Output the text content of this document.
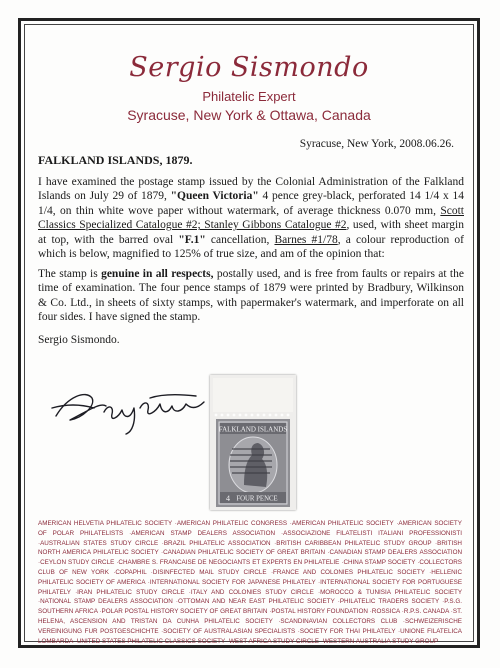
Sergio Sismondo
Philatelic Expert
Syracuse, New York & Ottawa, Canada
Syracuse, New York, 2008.06.26.
FALKLAND ISLANDS, 1879.
I have examined the postage stamp issued by the Colonial Administration of the Falkland Islands on July 29 of 1879, "Queen Victoria" 4 pence grey-black, perforated 14 1/4 x 14 1/4, on thin white wove paper without watermark, of average thickness 0.070 mm, Scott Classics Specialized Catalogue #2; Stanley Gibbons Catalogue #2, used, with sheet margin at top, with the barred oval "F.1" cancellation, Barnes #1/78, a colour reproduction of which is below, magnified to 125% of true size, and am of the opinion that:
The stamp is genuine in all respects, postally used, and is free from faults or repairs at the time of examination. The four pence stamps of 1879 were printed by Bradbury, Wilkinson & Co. Ltd., in sheets of sixty stamps, with papermaker's watermark, and imperforate on all four sides. I have signed the stamp.
Sergio Sismondo.
FALKLAND ISLANDS
4 FOUR PENCE
AMERICAN HELVETIA PHILATELIC SOCIETY · AMERICAN PHILATELIC CONGRESS · AMERICAN PHILATELIC SOCIETY · AMERICAN SOCIETY OF POLAR PHILATELISTS · AMERICAN STAMP DEALERS ASSOCIATION · ASSOCIAZIONE FILATELISTI ITALIANI PROFESSIONISTI ·AUSTRALIAN STATES STUDY CIRCLE · BRAZIL PHILATELIC ASSOCIATION · BRITISH CARIBBEAN PHILATELIC STUDY GROUP · BRITISH NORTH AMERICA PHILATELIC SOCIETY · CANADIAN PHILATELIC SOCIETY OF GREAT BRITAIN · CANADIAN STAMP DEALERS ASSOCIATION ·CEYLON STUDY CIRCLE · CHAMBRE S. FRANCAISE DE NEGOCIANTS ET EXPERTS EN PHILATELIE · CHINA STAMP SOCIETY · COLLECTORS CLUB OF NEW YORK · COPAPHIL · DISINFECTED MAIL STUDY CIRCLE · FRANCE AND COLONIES PHILATELIC SOCIETY · HELLENIC PHILATELIC SOCIETY OF AMERICA · INTERNATIONAL SOCIETY FOR JAPANESE PHILATELY · INTERNATIONAL SOCIETY FOR PORTUGUESE PHILATELY · IRAN PHILATELIC STUDY CIRCLE · ITALY AND COLONIES STUDY CIRCLE · MOROCCO & TUNISIA PHILATELIC SOCIETY ·NATIONAL STAMP DEALERS ASSOCIATION · OTTOMAN AND NEAR EAST PHILATELIC SOCIETY · PHILATELIC TRADERS SOCIETY · P.S.G. SOUTHERN AFRICA · POLAR POSTAL HISTORY SOCIETY OF GREAT BRITAIN · POSTAL HISTORY FOUNDATION · ROSSICA · R.P.S. CANADA · ST. HELENA, ASCENSION AND TRISTAN DA CUNHA PHILATELIC SOCIETY · SCANDINAVIAN COLLECTORS CLUB · SCHWEIZERISCHE VEREINIGUNG FUR POSTGESCHICHTE · SOCIETY OF AUSTRALASIAN SPECIALISTS · SOCIETY FOR THAI PHILATELY · UNIONE FILATELICA LOMBARDA · UNITED STATES PHILATELIC CLASSICS SOCIETY · WEST AFRICA STUDY CIRCLE · WESTERN AUSTRALIA STUDY GROUP
